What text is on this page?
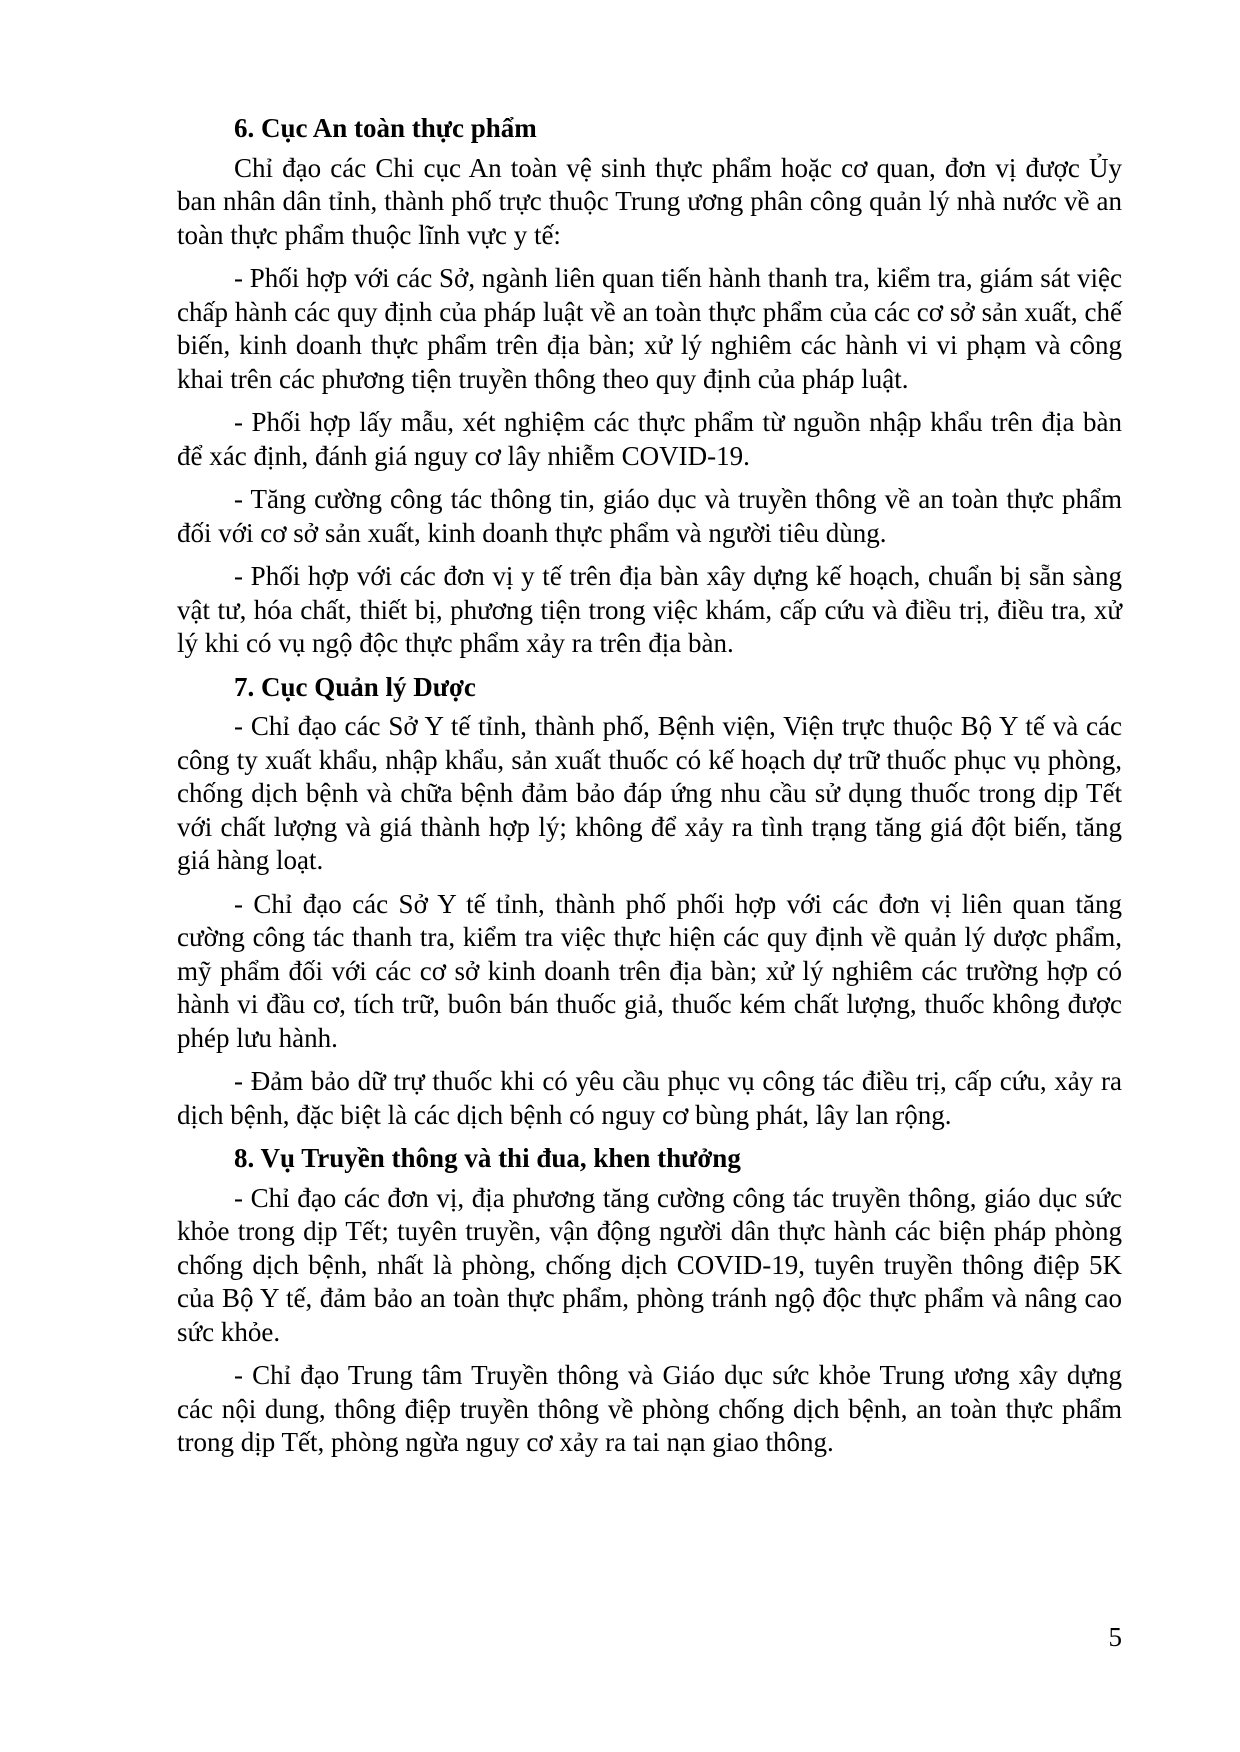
6. Cục An toàn thực phẩm

Chỉ đạo các Chi cục An toàn vệ sinh thực phẩm hoặc cơ quan, đơn vị được Ủy ban nhân dân tỉnh, thành phố trực thuộc Trung ương phân công quản lý nhà nước về an toàn thực phẩm thuộc lĩnh vực y tế:

- Phối hợp với các Sở, ngành liên quan tiến hành thanh tra, kiểm tra, giám sát việc chấp hành các quy định của pháp luật về an toàn thực phẩm của các cơ sở sản xuất, chế biến, kinh doanh thực phẩm trên địa bàn; xử lý nghiêm các hành vi vi phạm và công khai trên các phương tiện truyền thông theo quy định của pháp luật.

- Phối hợp lấy mẫu, xét nghiệm các thực phẩm từ nguồn nhập khẩu trên địa bàn để xác định, đánh giá nguy cơ lây nhiễm COVID-19.

- Tăng cường công tác thông tin, giáo dục và truyền thông về an toàn thực phẩm đối với cơ sở sản xuất, kinh doanh thực phẩm và người tiêu dùng.

- Phối hợp với các đơn vị y tế trên địa bàn xây dựng kế hoạch, chuẩn bị sẵn sàng vật tư, hóa chất, thiết bị, phương tiện trong việc khám, cấp cứu và điều trị, điều tra, xử lý khi có vụ ngộ độc thực phẩm xảy ra trên địa bàn.

7. Cục Quản lý Dược

- Chỉ đạo các Sở Y tế tỉnh, thành phố, Bệnh viện, Viện trực thuộc Bộ Y tế và các công ty xuất khẩu, nhập khẩu, sản xuất thuốc có kế hoạch dự trữ thuốc phục vụ phòng, chống dịch bệnh và chữa bệnh đảm bảo đáp ứng nhu cầu sử dụng thuốc trong dịp Tết với chất lượng và giá thành hợp lý; không để xảy ra tình trạng tăng giá đột biến, tăng giá hàng loạt.

- Chỉ đạo các Sở Y tế tỉnh, thành phố phối hợp với các đơn vị liên quan tăng cường công tác thanh tra, kiểm tra việc thực hiện các quy định về quản lý dược phẩm, mỹ phẩm đối với các cơ sở kinh doanh trên địa bàn; xử lý nghiêm các trường hợp có hành vi đầu cơ, tích trữ, buôn bán thuốc giả, thuốc kém chất lượng, thuốc không được phép lưu hành.

- Đảm bảo dữ trự thuốc khi có yêu cầu phục vụ công tác điều trị, cấp cứu, xảy ra dịch bệnh, đặc biệt là các dịch bệnh có nguy cơ bùng phát, lây lan rộng.

8. Vụ Truyền thông và thi đua, khen thưởng

- Chỉ đạo các đơn vị, địa phương tăng cường công tác truyền thông, giáo dục sức khỏe trong dịp Tết; tuyên truyền, vận động người dân thực hành các biện pháp phòng chống dịch bệnh, nhất là phòng, chống dịch COVID-19, tuyên truyền thông điệp 5K của Bộ Y tế, đảm bảo an toàn thực phẩm, phòng tránh ngộ độc thực phẩm và nâng cao sức khỏe.

- Chỉ đạo Trung tâm Truyền thông và Giáo dục sức khỏe Trung ương xây dựng các nội dung, thông điệp truyền thông về phòng chống dịch bệnh, an toàn thực phẩm trong dịp Tết, phòng ngừa nguy cơ xảy ra tai nạn giao thông.

5
